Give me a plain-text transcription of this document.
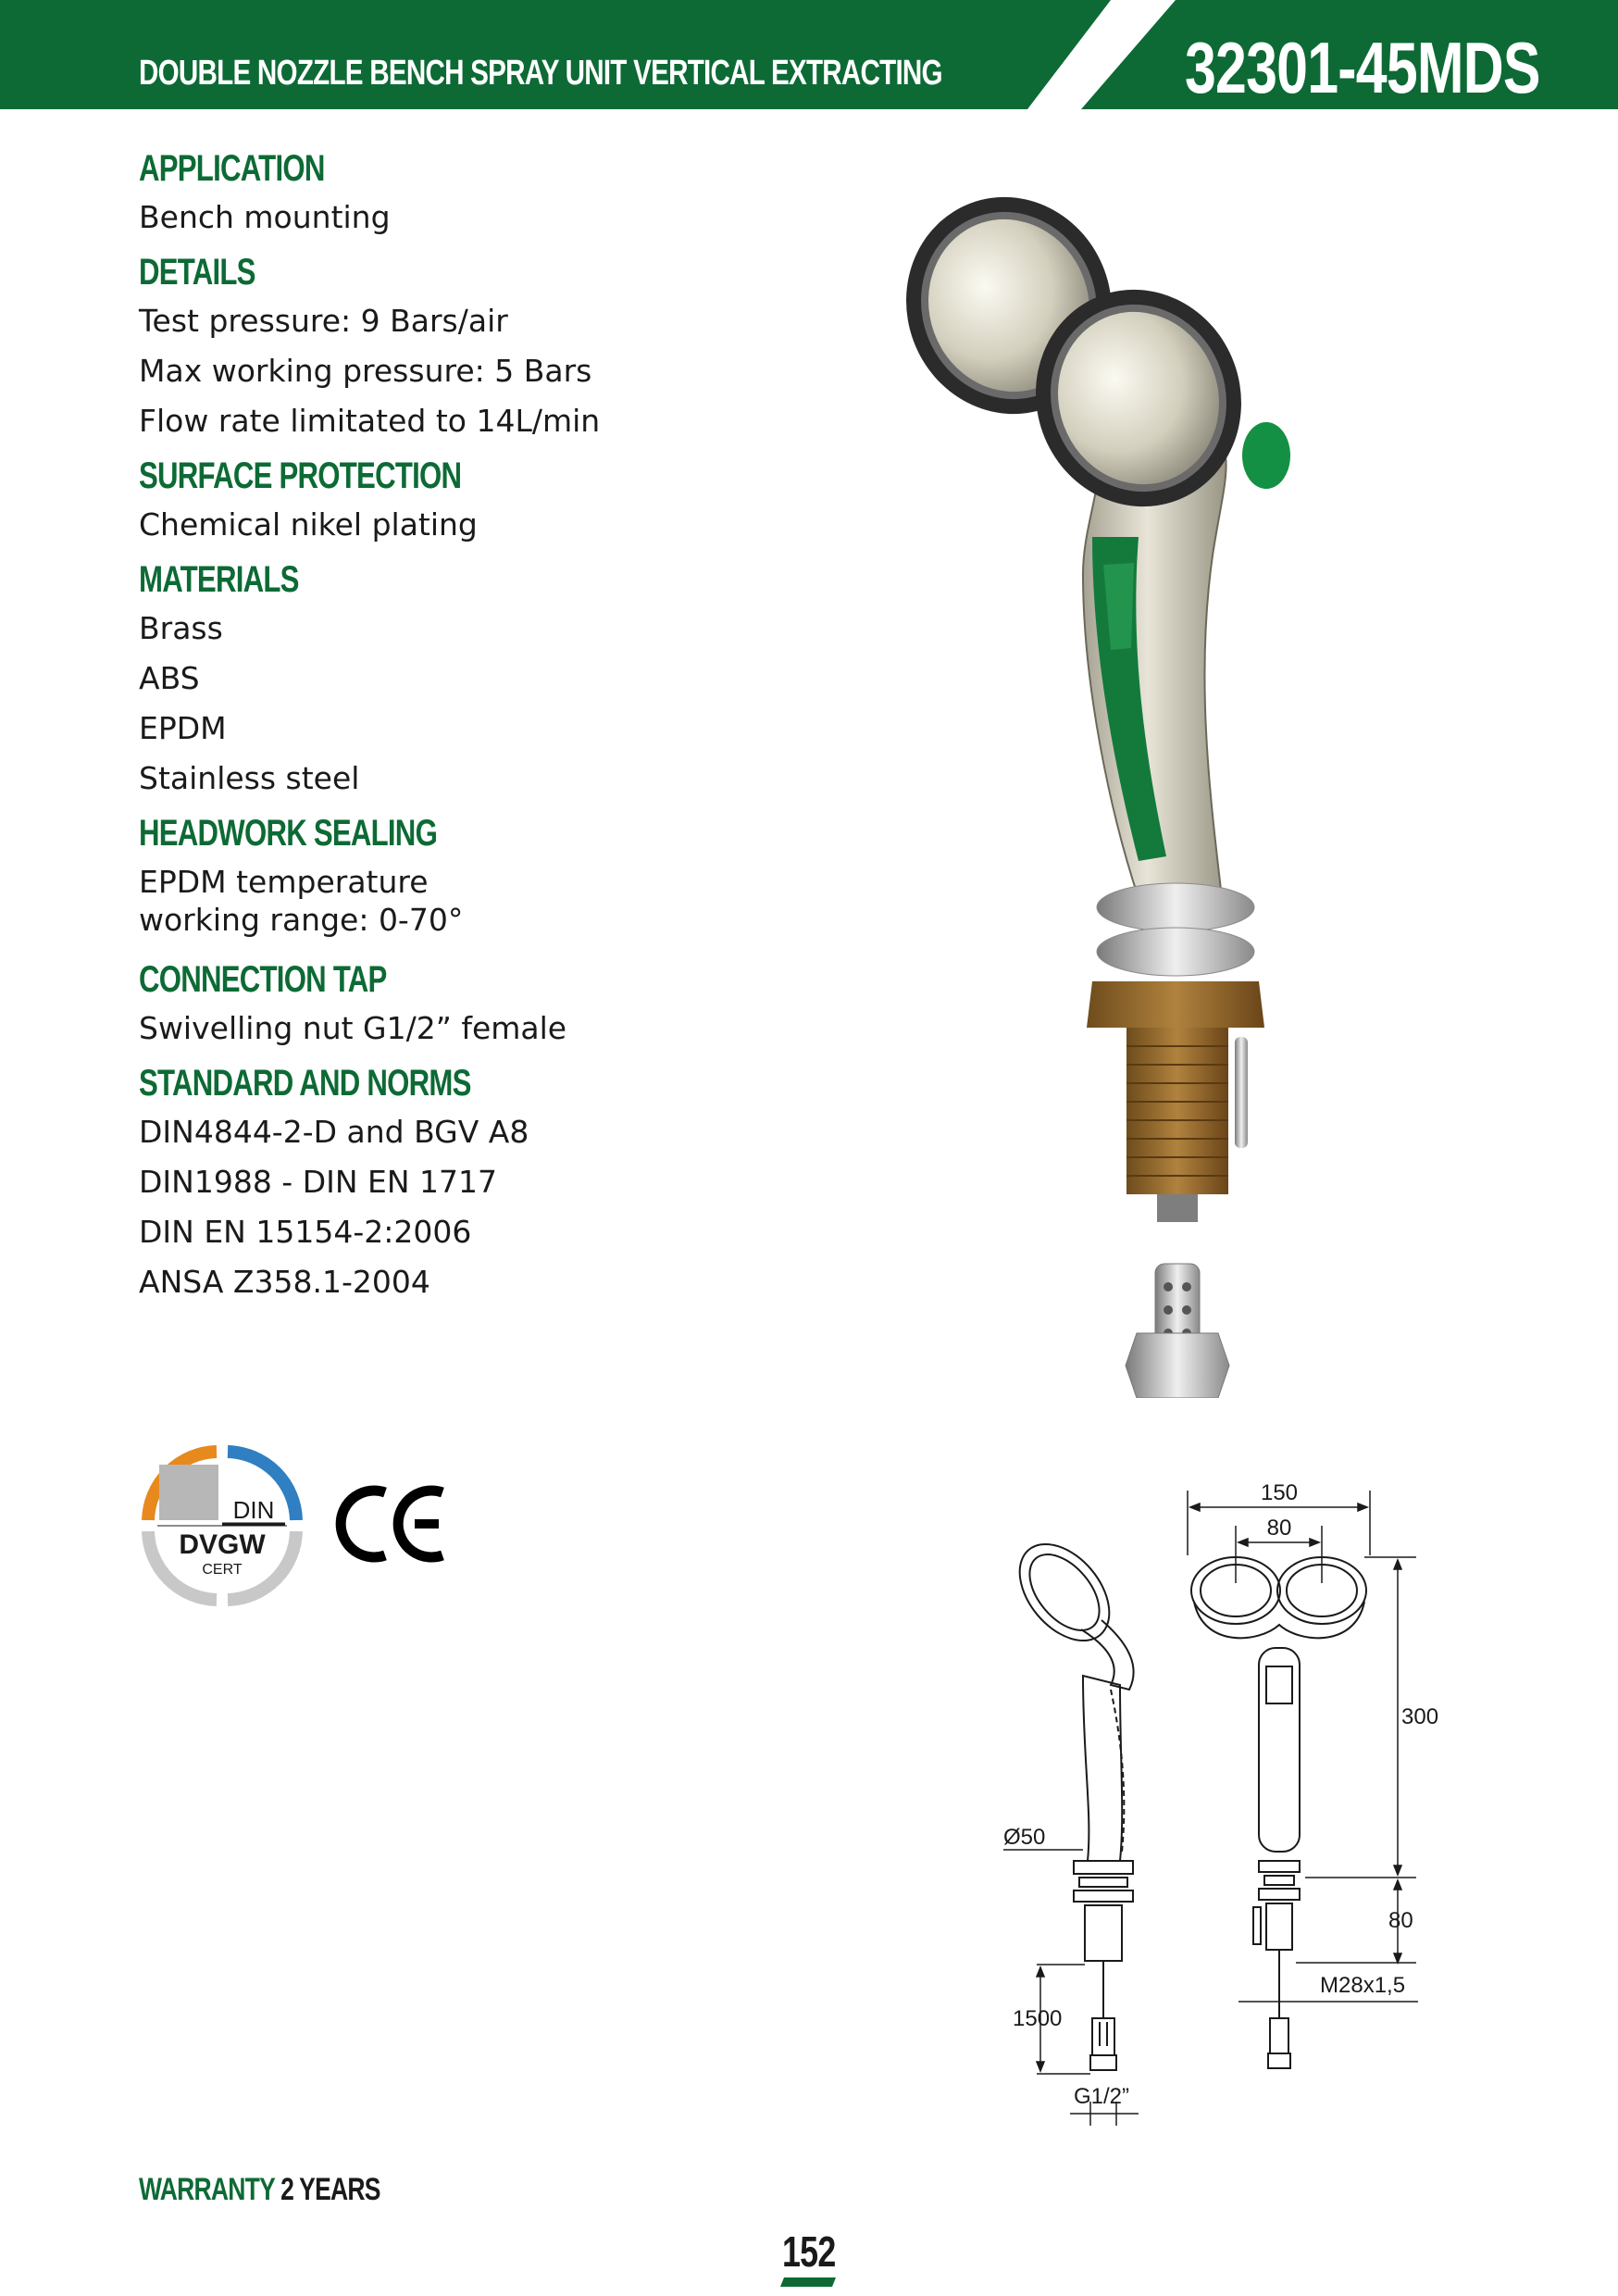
DOUBLE NOZZLE BENCH SPRAY UNIT VERTICAL EXTRACTING	32301-45MDS
APPLICATION
Bench mounting
DETAILS
Test pressure: 9 Bars/air
Max working pressure: 5 Bars
Flow rate limitated to 14L/min
SURFACE PROTECTION
Chemical nikel plating
MATERIALS
Brass
ABS
EPDM
Stainless steel
HEADWORK SEALING
EPDM temperature
working range: 0-70°
CONNECTION TAP
Swivelling nut G1/2” female
STANDARD AND NORMS
DIN4844-2-D and BGV A8
DIN1988 - DIN EN 1717
DIN EN 15154-2:2006
ANSA Z358.1-2004
DIN
DVGW
CERT
150
80
300
80
Ø50
1500
M28x1,5
G1/2”
WARRANTY 2 YEARS
152
